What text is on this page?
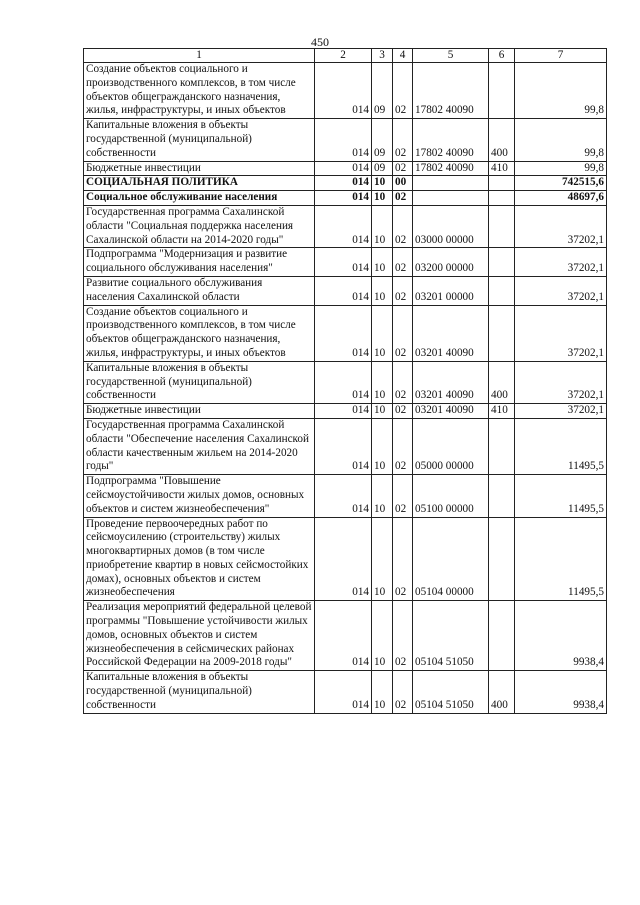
450
1	2	3	4	5	6	7
Создание объектов социального и производственного комплексов, в том числе объектов общегражданского назначения, жилья, инфраструктуры, и иных объектов	014	09	02	17802 40090		99,8
Капитальные вложения в объекты государственной (муниципальной) собственности	014	09	02	17802 40090	400	99,8
Бюджетные инвестиции	014	09	02	17802 40090	410	99,8
СОЦИАЛЬНАЯ ПОЛИТИКА	014	10	00			742515,6
Социальное обслуживание населения	014	10	02			48697,6
Государственная программа Сахалинской области "Социальная поддержка населения Сахалинской области на 2014-2020 годы"	014	10	02	03000 00000		37202,1
Подпрограмма "Модернизация и развитие социального обслуживания населения"	014	10	02	03200 00000		37202,1
Развитие социального обслуживания населения Сахалинской области	014	10	02	03201 00000		37202,1
Создание объектов социального и производственного комплексов, в том числе объектов общегражданского назначения, жилья, инфраструктуры, и иных объектов	014	10	02	03201 40090		37202,1
Капитальные вложения в объекты государственной (муниципальной) собственности	014	10	02	03201 40090	400	37202,1
Бюджетные инвестиции	014	10	02	03201 40090	410	37202,1
Государственная программа Сахалинской области "Обеспечение населения Сахалинской области качественным жильем на 2014-2020 годы"	014	10	02	05000 00000		11495,5
Подпрограмма "Повышение сейсмоустойчивости жилых домов, основных объектов и систем жизнеобеспечения"	014	10	02	05100 00000		11495,5
Проведение первоочередных работ по сейсмоусилению (строительству) жилых многоквартирных домов (в том числе приобретение квартир в новых сейсмостойких домах), основных объектов и систем жизнеобеспечения	014	10	02	05104 00000		11495,5
Реализация мероприятий федеральной целевой программы "Повышение устойчивости жилых домов, основных объектов и систем жизнеобеспечения в сейсмических районах Российской Федерации на 2009-2018 годы"	014	10	02	05104 51050		9938,4
Капитальные вложения в объекты государственной (муниципальной) собственности	014	10	02	05104 51050	400	9938,4
